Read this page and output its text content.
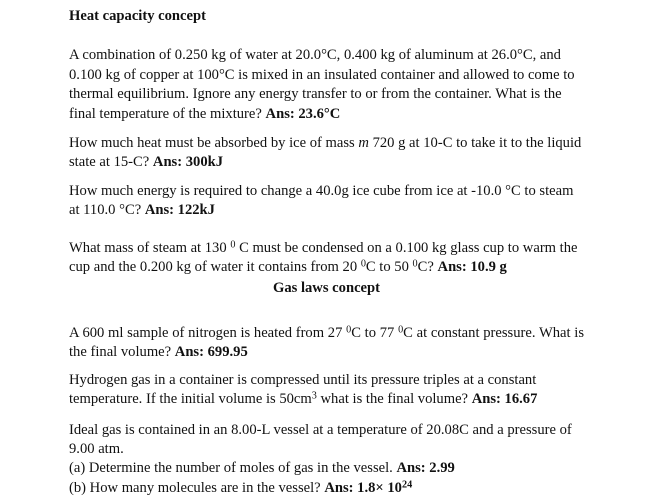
Heat capacity concept

A combination of 0.250 kg of water at 20.0°C, 0.400 kg of aluminum at 26.0°C, and 0.100 kg of copper at 100°C is mixed in an insulated container and allowed to come to thermal equilibrium. Ignore any energy transfer to or from the container. What is the final temperature of the mixture? Ans: 23.6°C

How much heat must be absorbed by ice of mass m 720 g at 10-C to take it to the liquid state at 15-C? Ans: 300kJ

How much energy is required to change a 40.0g ice cube from ice at -10.0 °C to steam at 110.0 °C? Ans: 122kJ

What mass of steam at 130 $^0$ C must be condensed on a 0.100 kg glass cup to warm the cup and the 0.200 kg of water it contains from 20 $^0$C to 50 $^0$C? Ans: 10.9 g

Gas laws concept

A 600 ml sample of nitrogen is heated from 27 $^0$C to 77 $^0$C at constant pressure. What is the final volume? Ans: 699.95

Hydrogen gas in a container is compressed until its pressure triples at a constant temperature. If the initial volume is $50cm^3$ what is the final volume? Ans: 16.67

Ideal gas is contained in an 8.00-L vessel at a temperature of 20.08C and a pressure of 9.00 atm.
(a) Determine the number of moles of gas in the vessel. Ans: 2.99
(b) How many molecules are in the vessel? Ans: $1.8\times 10^{24}$
